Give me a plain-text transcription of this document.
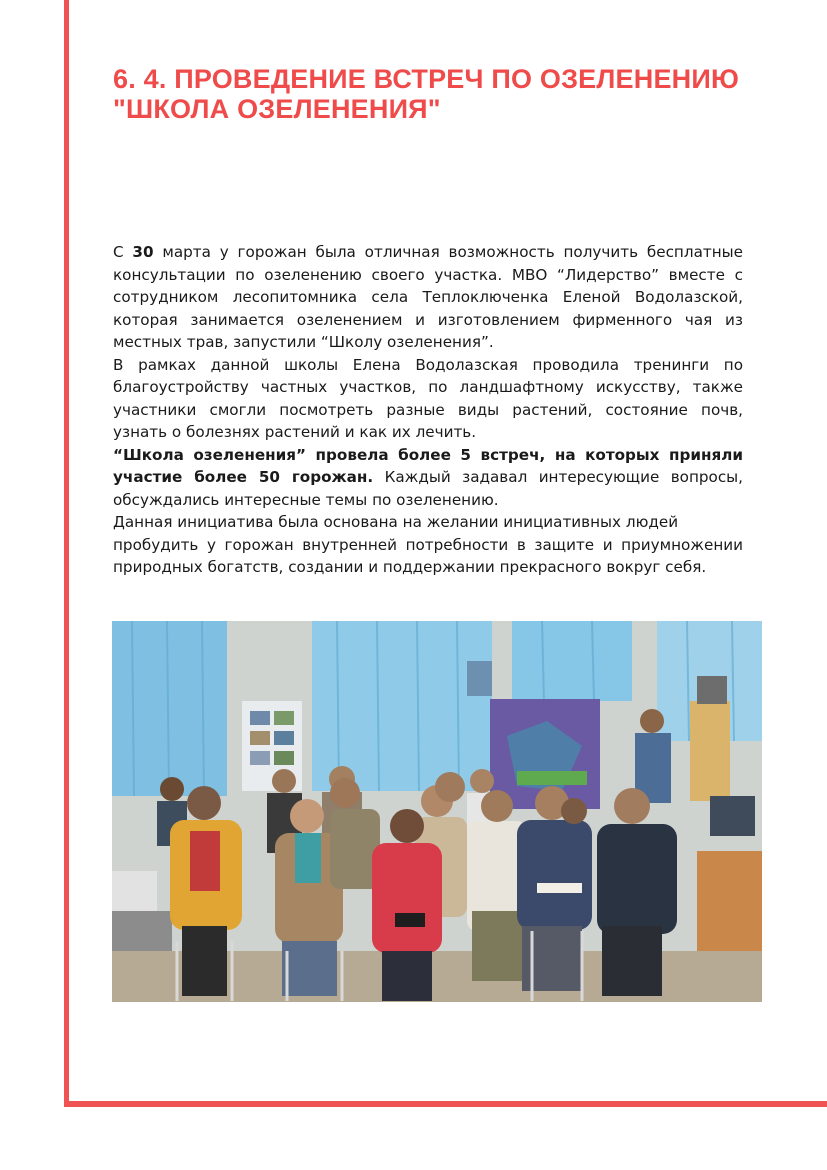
6. 4. ПРОВЕДЕНИЕ ВСТРЕЧ ПО ОЗЕЛЕНЕНИЮ
"ШКОЛА ОЗЕЛЕНЕНИЯ"

С 30 марта у горожан была отличная возможность получить бесплатные консультации по озеленению своего участка. МВО “Лидерство” вместе с сотрудником лесопитомника села Теплоключенка Еленой Водолазской, которая занимается озеленением и изготовлением фирменного чая из местных трав, запустили “Школу озеленения”.

В рамках данной школы Елена Водолазская проводила тренинги по благоустройству частных участков, по ландшафтному искусству, также участники смогли посмотреть разные виды растений, состояние почв, узнать о болезнях растений и как их лечить.

“Школа озеленения” провела более 5 встреч, на которых приняли участие более 50 горожан. Каждый задавал интересующие вопросы, обсуждались интересные темы по озеленению.

Данная инициатива была основана на желании инициативных людей

пробудить у горожан внутренней потребности в защите и приумножении природных богатств, создании и поддержании прекрасного вокруг себя.
